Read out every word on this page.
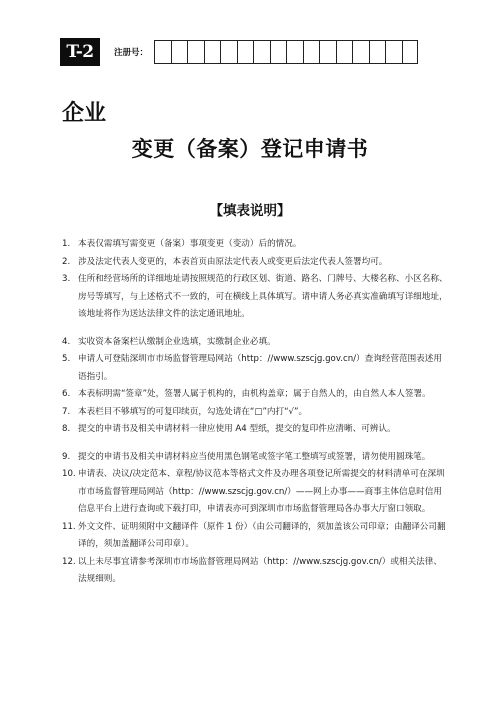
T-2	注册号：
企业
变更（备案）登记申请书
【填表说明】
1. 本表仅需填写需变更（备案）事项变更（变动）后的情况。
2. 涉及法定代表人变更的，本表首页由原法定代表人或变更后法定代表人签署均可。
3. 住所和经营场所的详细地址请按照规范的行政区划、街道、路名、门牌号、大楼名称、小区名称、房号等填写，与上述格式不一致的，可在横线上具体填写。请申请人务必真实准确填写详细地址，该地址将作为送达法律文件的法定通讯地址。
4. 实收资本备案栏认缴制企业选填，实缴制企业必填。
5. 申请人可登陆深圳市市场监督管理局网站（http：//www.szscjg.gov.cn/）查询经营范围表述用语指引。
6. 本表标明需“签章”处，签署人属于机构的，由机构盖章；属于自然人的，由自然人本人签署。
7. 本表栏目不够填写的可复印续页，勾选处请在“□”内打“√”。
8. 提交的申请书及相关申请材料一律应使用 A4 型纸，提交的复印件应清晰、可辨认。
9. 提交的申请书及相关申请材料应当使用黑色钢笔或签字笔工整填写或签署，请勿使用圆珠笔。
10. 申请表、决议/决定范本、章程/协议范本等格式文件及办理各项登记所需提交的材料清单可在深圳市市场监督管理局网站（http：//www.szscjg.gov.cn/）——网上办事——商事主体信息时信用信息平台上进行查询或下载打印，申请表亦可到深圳市市场监督管理局各办事大厅窗口领取。
11. 外文文件、证明须附中文翻译件（原件 1 份）（由公司翻译的，须加盖该公司印章；由翻译公司翻译的，须加盖翻译公司印章）。
12. 以上未尽事宜请参考深圳市市场监督管理局网站（http：//www.szscjg.gov.cn/）或相关法律、法规细则。
